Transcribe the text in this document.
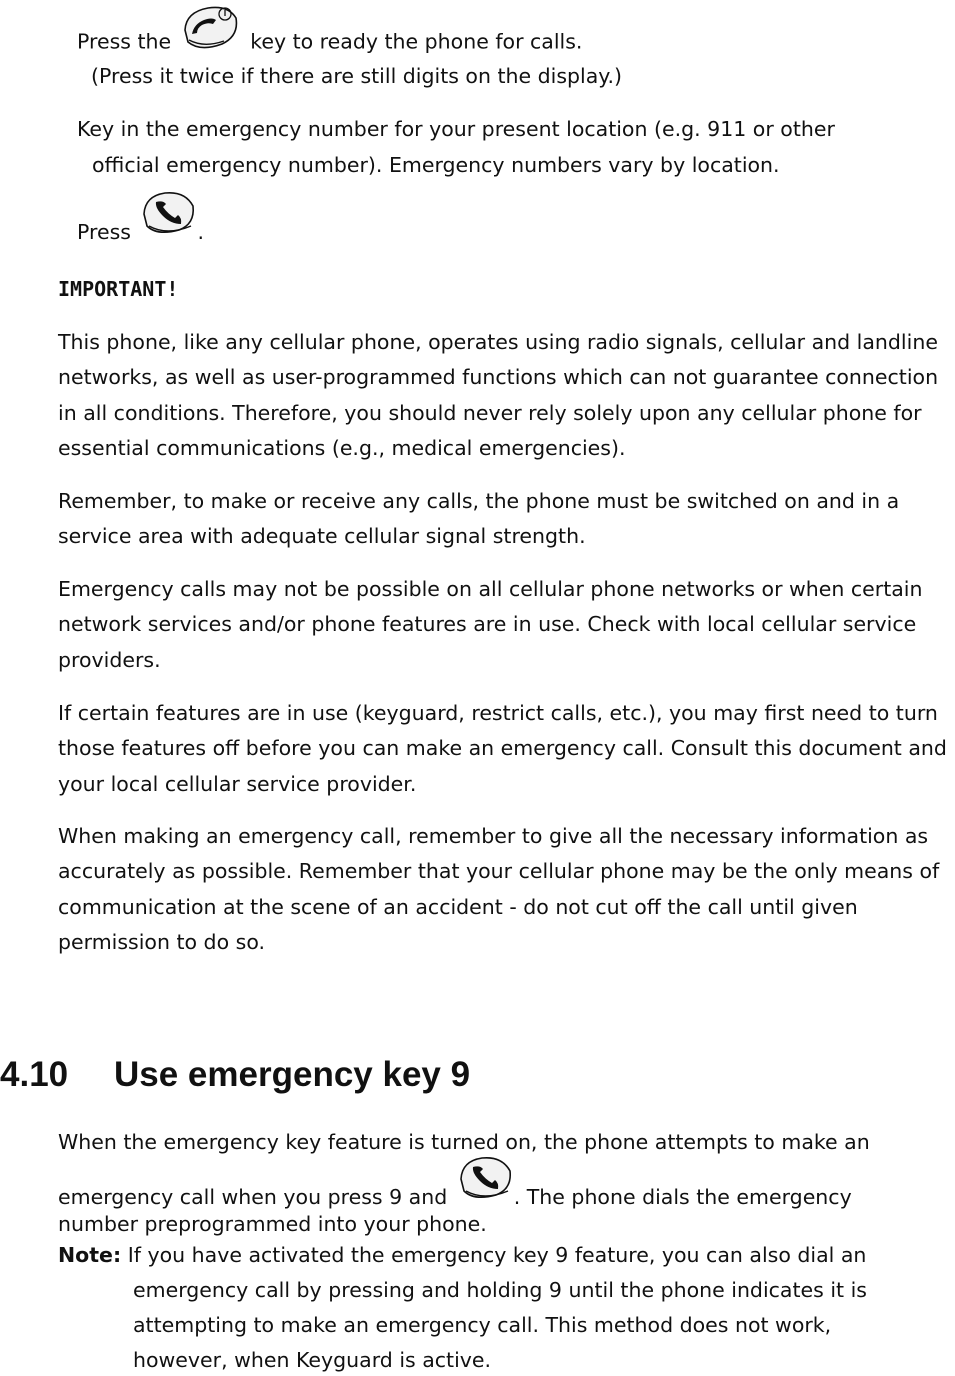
Press the	key to ready the phone for calls.
(Press it twice if there are still digits on the display.)
Key in the emergency number for your present location (e.g. 911 or other
official emergency number). Emergency numbers vary by location.
Press	.
IMPORTANT!

This phone, like any cellular phone, operates using radio signals, cellular and landline networks, as well as user-programmed functions which can not guarantee connection in all conditions. Therefore, you should never rely solely upon any cellular phone for essential communications (e.g., medical emergencies).

Remember, to make or receive any calls, the phone must be switched on and in a service area with adequate cellular signal strength.

Emergency calls may not be possible on all cellular phone networks or when certain network services and/or phone features are in use. Check with local cellular service providers.

If certain features are in use (keyguard, restrict calls, etc.), you may first need to turn those features off before you can make an emergency call. Consult this document and your local cellular service provider.

When making an emergency call, remember to give all the necessary information as accurately as possible. Remember that your cellular phone may be the only means of communication at the scene of an accident - do not cut off the call until given permission to do so.

4.10 Use emergency key 9
When the emergency key feature is turned on, the phone attempts to make an
emergency call when you press 9 and	. The phone dials the emergency
number preprogrammed into your phone.
Note: If you have activated the emergency key 9 feature, you can also dial an
emergency call by pressing and holding 9 until the phone indicates it is
attempting to make an emergency call. This method does not work,
however, when Keyguard is active.
